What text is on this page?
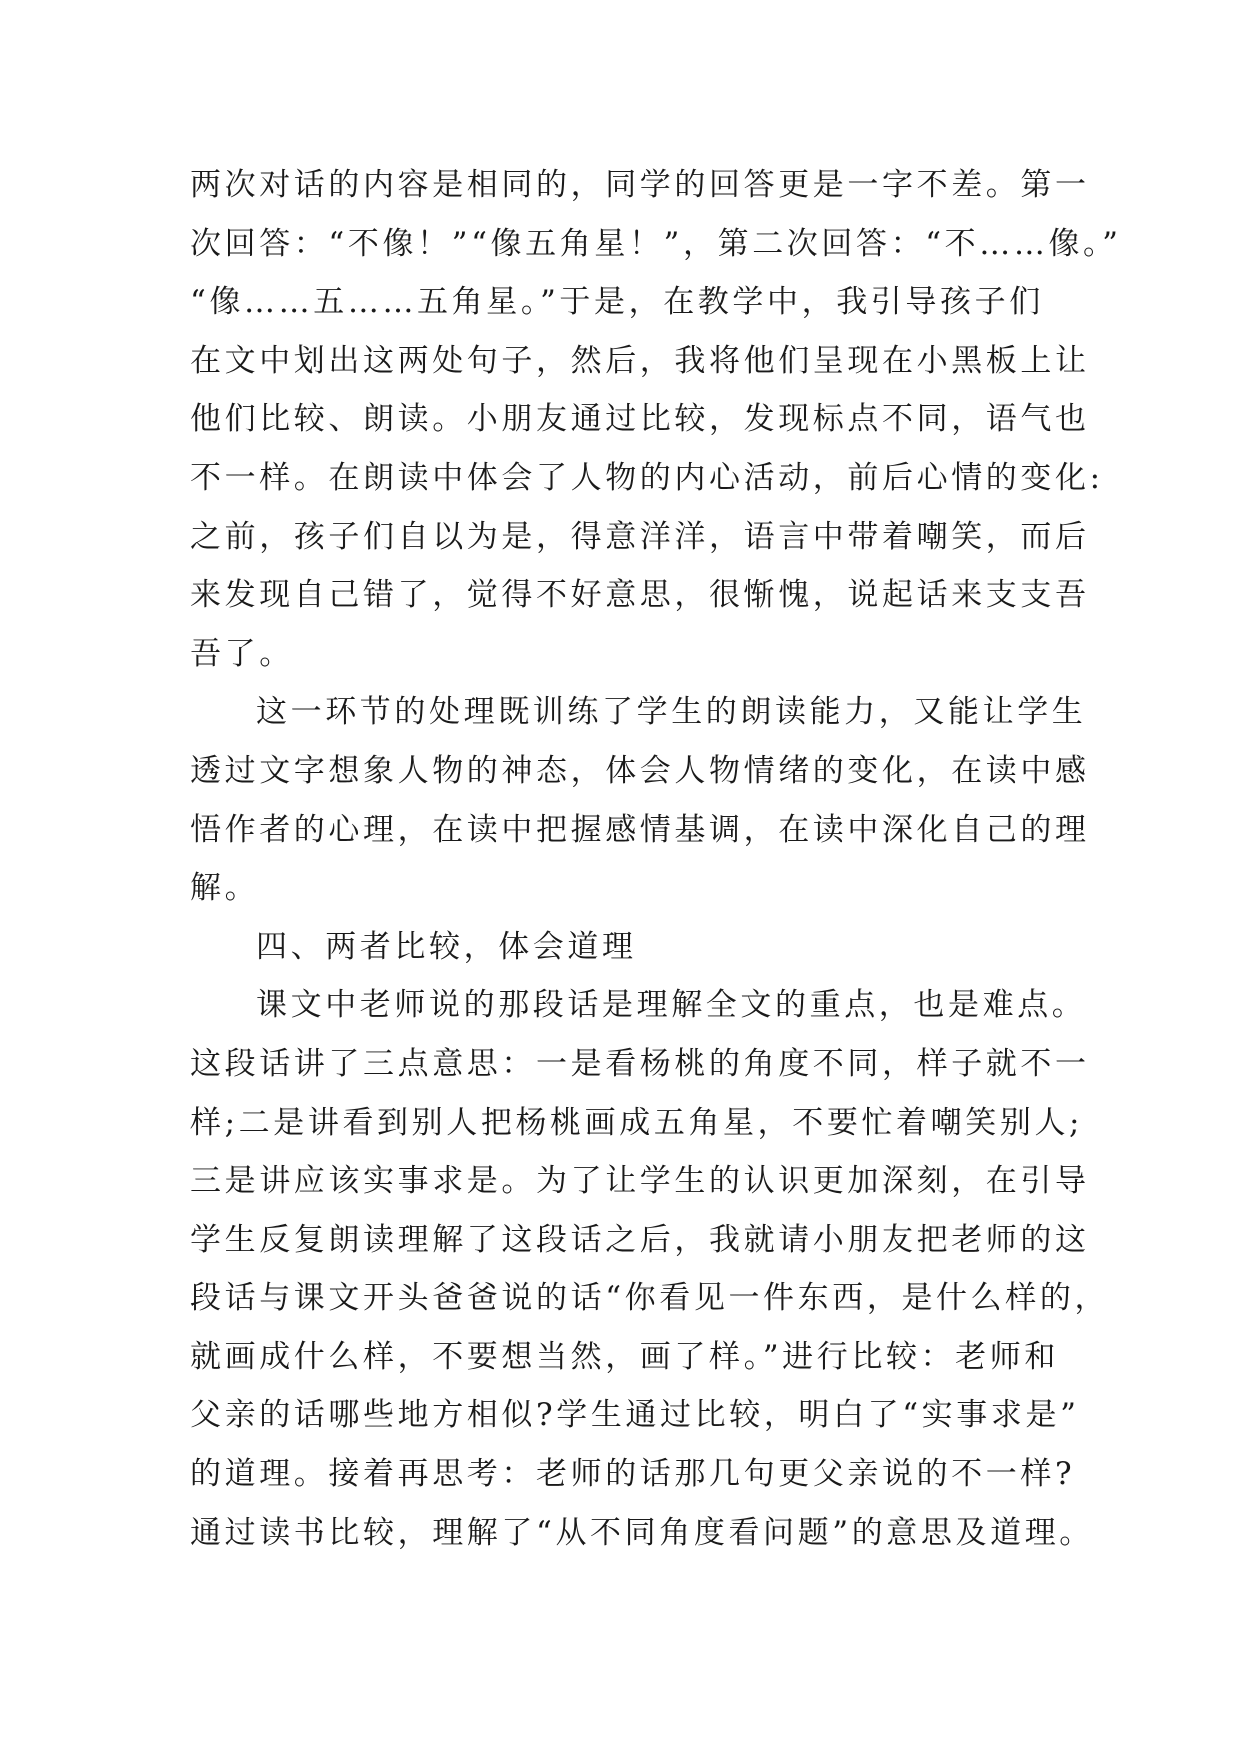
两次对话的内容是相同的，同学的回答更是一字不差。第一
次回答：“不像！”“像五角星！”，第二次回答：“不……像。”
“像……五……五角星。”于是，在教学中，我引导孩子们
在文中划出这两处句子，然后，我将他们呈现在小黑板上让
他们比较、朗读。小朋友通过比较，发现标点不同，语气也
不一样。在朗读中体会了人物的内心活动，前后心情的变化:
之前，孩子们自以为是，得意洋洋，语言中带着嘲笑，而后
来发现自己错了，觉得不好意思，很惭愧，说起话来支支吾
吾了。
这一环节的处理既训练了学生的朗读能力，又能让学生
透过文字想象人物的神态，体会人物情绪的变化，在读中感
悟作者的心理，在读中把握感情基调，在读中深化自己的理
解。
四、两者比较，体会道理
课文中老师说的那段话是理解全文的重点，也是难点。
这段话讲了三点意思：一是看杨桃的角度不同，样子就不一
样;二是讲看到别人把杨桃画成五角星，不要忙着嘲笑别人;
三是讲应该实事求是。为了让学生的认识更加深刻，在引导
学生反复朗读理解了这段话之后，我就请小朋友把老师的这
段话与课文开头爸爸说的话“你看见一件东西，是什么样的，
就画成什么样，不要想当然，画了样。”进行比较：老师和
父亲的话哪些地方相似?学生通过比较，明白了“实事求是”
的道理。接着再思考：老师的话那几句更父亲说的不一样?
通过读书比较，理解了“从不同角度看问题”的意思及道理。
